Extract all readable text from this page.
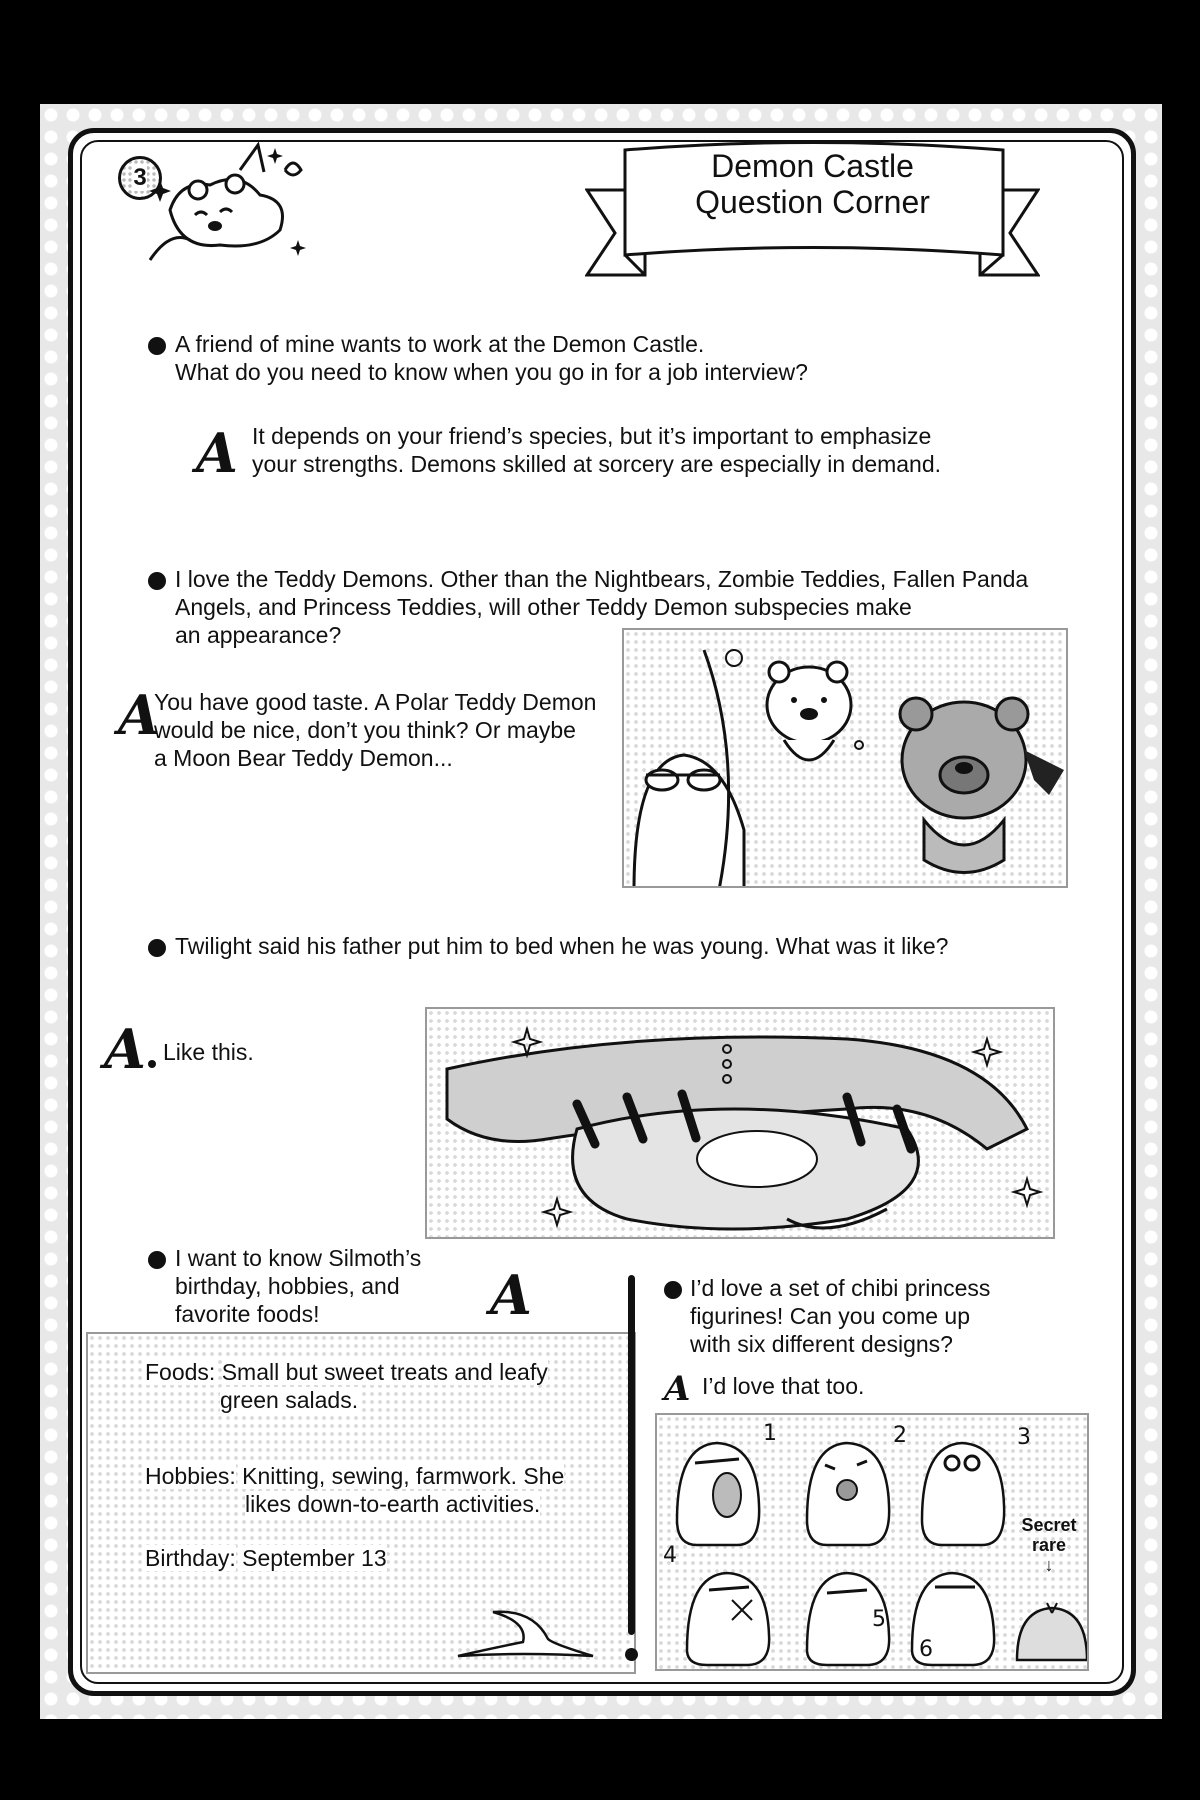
3	Demon Castle
Question Corner
A friend of mine wants to work at the Demon Castle.
What do you need to know when you go in for a job interview?
A It depends on your friend’s species, but it’s important to emphasize
your strengths. Demons skilled at sorcery are especially in demand.
I love the Teddy Demons. Other than the Nightbears, Zombie Teddies, Fallen Panda
Angels, and Princess Teddies, will other Teddy Demon subspecies make
an appearance?
A
You have good taste. A Polar Teddy Demon
would be nice, don’t you think? Or maybe
a Moon Bear Teddy Demon...
Twilight said his father put him to bed when he was young. What was it like?
A Like this.
I want to know Silmoth’s
birthday, hobbies, and
favorite foods!	A
Foods: Small but sweet treats and leafy
green salads.
Hobbies: Knitting, sewing, farmwork. She
likes down-to-earth activities.
Birthday: September 13
I’d love a set of chibi princess
figurines! Can you come up
with six different designs?
A I’d love that too.
1	2	3
4
5
6
Secret
rare
↓
